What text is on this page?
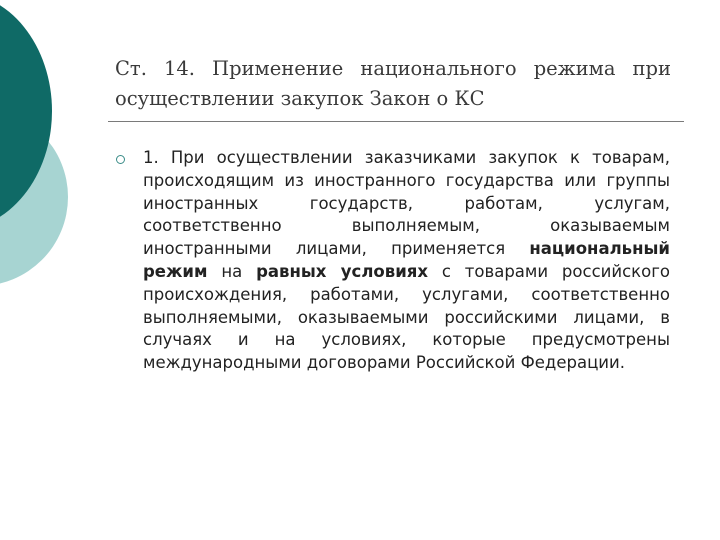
Ст. 14. Применение национального режима при осуществлении закупок Закон о КС

1. При осуществлении заказчиками закупок к товарам, происходящим из иностранного государства или группы иностранных государств, работам, услугам, соответственно выполняемым, оказываемым иностранными лицами, применяется национальный режим на равных условиях с товарами российского происхождения, работами, услугами, соответственно выполняемыми, оказываемыми российскими лицами, в случаях и на условиях, которые предусмотрены международными договорами Российской Федерации.
